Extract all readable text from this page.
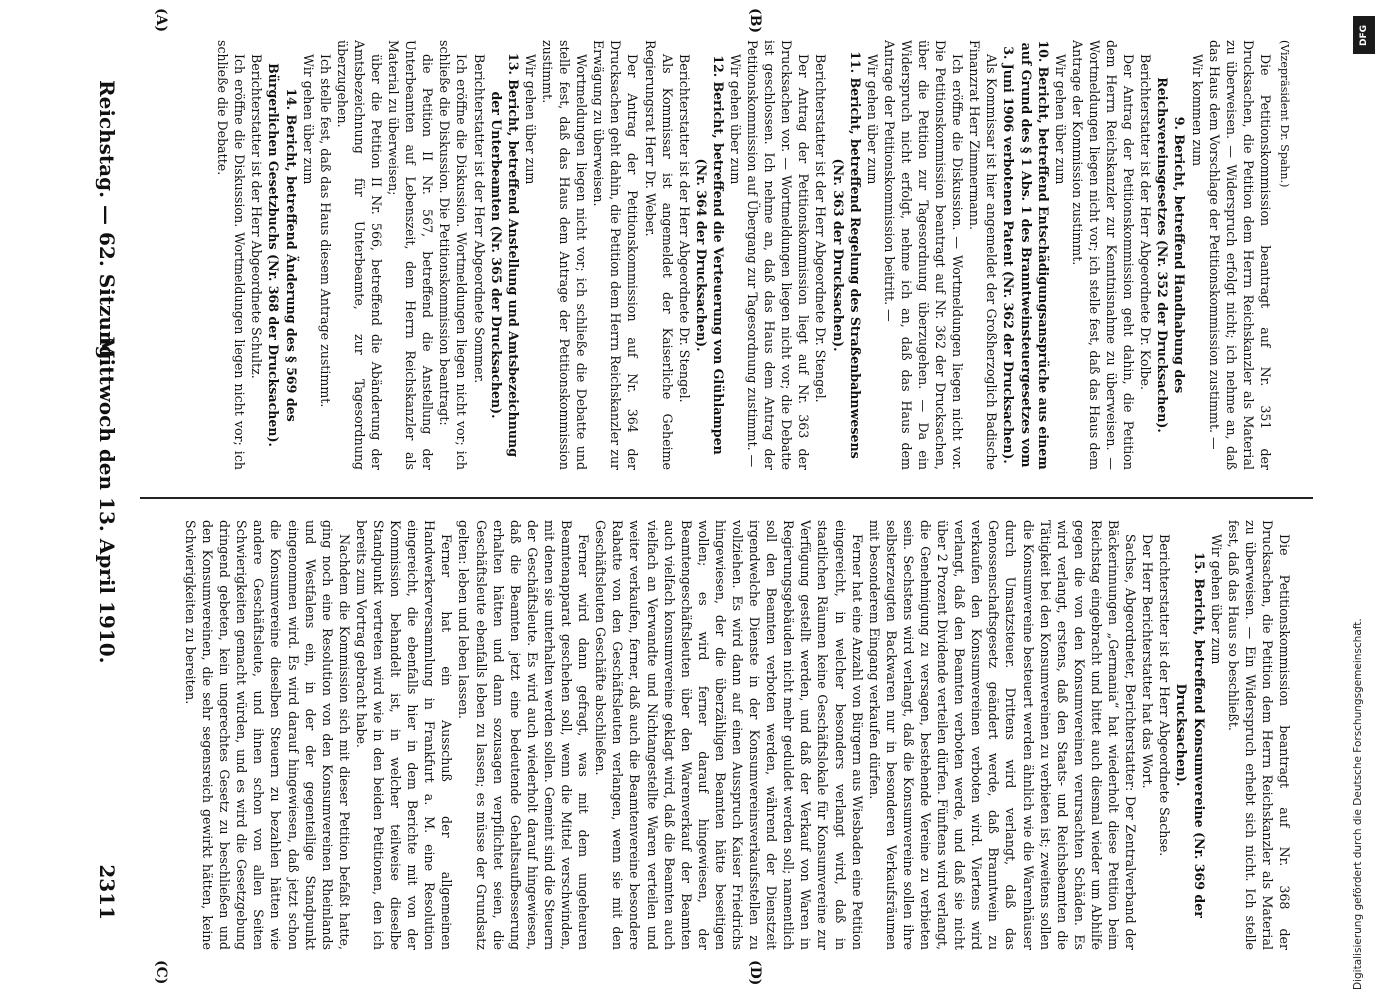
Reichstag. — 62. Sitzung.
Mittwoch den 13. April 1910.
2311
(A)	(B)
(C)	(D)

(Vizepräsident Dr. Spahn.)

Die Petitionskommission beantragt auf Nr. 351 der Drucksachen, die Petition dem Herrn Reichskanzler als Material zu überweisen. — Widerspruch erfolgt nicht; ich nehme an, daß das Haus dem Vorschlage der Petitionskommission zustimmt. —

Wir kommen zum

9. Bericht, betreffend Handhabung des Reichsvereinsgesetzes (Nr. 352 der Drucksachen).

Berichterstatter ist der Herr Abgeordnete Dr. Kolbe.

Der Antrag der Petitionskommission geht dahin, die Petition dem Herrn Reichskanzler zur Kenntnisnahme zu überweisen. — Wortmeldungen liegen nicht vor; ich stelle fest, daß das Haus dem Antrage der Kommission zustimmt.

Wir gehen über zum

10. Bericht, betreffend Entschädigungsansprüche aus einem auf Grund des § 1 Abs. 1 des Branntweinsteuergesetzes vom 3. Juni 1906 verbotenen Patent (Nr. 362 der Drucksachen).

Als Kommissar ist hier angemeldet der Großherzoglich Badische Finanzrat Herr Zimmermann.

Ich eröffne die Diskussion. — Wortmeldungen liegen nicht vor. Die Petitionskommission beantragt auf Nr. 362 der Drucksachen, über die Petition zur Tagesordnung überzugehen. — Da ein Widerspruch nicht erfolgt, nehme ich an, daß das Haus dem Antrage der Petitionskommission beitritt. —

Wir gehen über zum

11. Bericht, betreffend Regelung des Straßenbahnwesens (Nr. 363 der Drucksachen).

Berichterstatter ist der Herr Abgeordnete Dr. Stengel.

Der Antrag der Petitionskommission liegt auf Nr. 363 der Drucksachen vor. — Wortmeldungen liegen nicht vor; die Debatte ist geschlossen. Ich nehme an, daß das Haus dem Antrag der Petitionskommission auf Übergang zur Tagesordnung zustimmt. —

Wir gehen über zum

12. Bericht, betreffend die Verteuerung von Glühlampen (Nr. 364 der Drucksachen).

Berichterstatter ist der Herr Abgeordnete Dr. Stengel.

Als Kommissar ist angemeldet der Kaiserliche Geheime Regierungsrat Herr Dr. Weber.

Der Antrag der Petitionskommission auf Nr. 364 der Drucksachen geht dahin, die Petition dem Herrn Reichskanzler zur Erwägung zu überweisen.

Wortmeldungen liegen nicht vor; ich schließe die Debatte und stelle fest, daß das Haus dem Antrage der Petitionskommission zustimmt.

Wir gehen über zum

13. Bericht, betreffend Anstellung und Amtsbezeichnung der Unterbeamten (Nr. 365 der Drucksachen).

Berichterstatter ist der Herr Abgeordnete Sommer.

Ich eröffne die Diskussion. Wortmeldungen liegen nicht vor; ich schließe die Diskussion. Die Petitionskommission beantragt:

die Petition II Nr. 567, betreffend die Anstellung der Unterbeamten auf Lebenszeit, dem Herrn Reichskanzler als Material zu überweisen;

über die Petition II Nr. 566, betreffend die Abänderung der Amtsbezeichnung für Unterbeamte, zur Tagesordnung überzugehen.

Ich stelle fest, daß das Haus diesem Antrage zustimmt.

Wir gehen über zum

14. Bericht, betreffend Änderung des § 569 des Bürgerlichen Gesetzbuchs (Nr. 368 der Drucksachen).

Berichterstatter ist der Herr Abgeordnete Schultz.

Ich eröffne die Diskussion. Wortmeldungen liegen nicht vor; ich schließe die Debatte.

Die Petitionskommission beantragt auf Nr. 368 der Drucksachen, die Petition dem Herrn Reichskanzler als Material zu überweisen. — Ein Widerspruch erhebt sich nicht. Ich stelle fest, daß das Haus so beschließt.

Wir gehen über zum

15. Bericht, betreffend Konsumvereine (Nr. 369 der Drucksachen).

Berichterstatter ist der Herr Abgeordnete Sachse.

Der Herr Berichterstatter hat das Wort.

Sachse, Abgeordneter, Berichterstatter: Der Zentralverband der Bäckerinnungen „Germania“ hat wiederholt diese Petition beim Reichstag eingebracht und bittet auch diesmal wieder um Abhilfe gegen die von den Konsumvereinen verursachten Schäden. Es wird verlangt, erstens, daß den Staats- und Reichsbeamten die Tätigkeit bei den Konsumvereinen zu verbieten ist; zweitens sollen die Konsumvereine besteuert werden ähnlich wie die Warenhäuser durch Umsatzsteuer. Drittens wird verlangt, daß das Genossenschaftsgesetz geändert werde, daß Branntwein zu verkaufen den Konsumvereinen verboten wird. Viertens wird verlangt, daß den Beamten verboten werde, und daß sie nicht über 2 Prozent Dividende verteilen dürfen. Fünftens wird verlangt, die Genehmigung zu versagen, bestehende Vereine zu verbieten sein. Sechstens wird verlangt, daß die Konsumvereine sollen ihre selbsterzeugten Backwaren nur in besonderen Verkaufsräumen mit besonderem Eingang verkaufen dürfen.

Ferner hat eine Anzahl von Bürgern aus Wiesbaden eine Petition eingereicht, in welcher besonders verlangt wird, daß in staatlichen Räumen keine Geschäftslokale für Konsumvereine zur Verfügung gestellt werden, und daß der Verkauf von Waren in Regierungsgebäuden nicht mehr geduldet werden soll; namentlich soll den Beamten verboten werden, während der Dienstzeit irgendwelche Dienste in der Konsumvereinsverkaufsstellen zu vollziehen. Es wird dann auf einen Ausspruch Kaiser Friedrichs hingewiesen, der die überzähligen Beamten hätte beseitigen wollen; es wird ferner darauf hingewiesen, der Beamtengeschäftsleuten über den Warenverkauf der Beamten auch vielfach konsumvereine geklagt wird, daß die Beamten auch vielfach an Verwandte und Nichtangestellte Waren verteilen und weiter verkaufen, ferner, daß auch die Beamtenvereine besondere Rabatte von den Geschäftsleuten verlangen, wenn sie mit den Geschäftsleuten Geschäfte abschließen.

Ferner wird dann gefragt, was mit dem ungeheuren Beamtenapparat geschehen soll, wenn die Mittel verschwinden, mit denen sie unterhalten werden sollen. Gemeint sind die Steuern der Geschäftsleute. Es wird auch wiederholt darauf hingewiesen, daß die Beamten jetzt eine bedeutende Gehaltsaufbesserung erhalten hätten und dann sozusagen verpflichtet seien, die Geschäftsleute ebenfalls leben zu lassen; es müsse der Grundsatz gelten: leben und leben lassen.

Ferner hat ein Ausschuß der allgemeinen Handwerkerversammlung in Frankfurt a. M. eine Resolution eingereicht, die ebenfalls hier in dem Berichte mit von der Kommission behandelt ist, in welcher teilweise dieselbe Standpunkt vertreten wird wie in den beiden Petitionen, den ich bereits zum Vortrag gebracht habe.

Nachdem die Kommission sich mit dieser Petition befaßt hatte, ging noch eine Resolution von den Konsumvereinen Rheinlands und Westfalens ein, in der der gegenteilige Standpunkt eingenommen wird. Es wird darauf hingewiesen, daß jetzt schon die Konsumvereine dieselben Steuern zu bezahlen hätten wie andere Geschäftsleute, und ihnen schon von allen Seiten Schwierigkeiten gemacht würden, und es wird die Gesetzgebung dringend gebeten, kein ungerechtes Gesetz zu beschließen und den Konsumvereinen, die sehr segensreich gewirkt hätten, keine Schwierigkeiten zu bereiten.

DFG
Digitalisierung gefördert durch die Deutsche Forschungsgemeinschaft.
